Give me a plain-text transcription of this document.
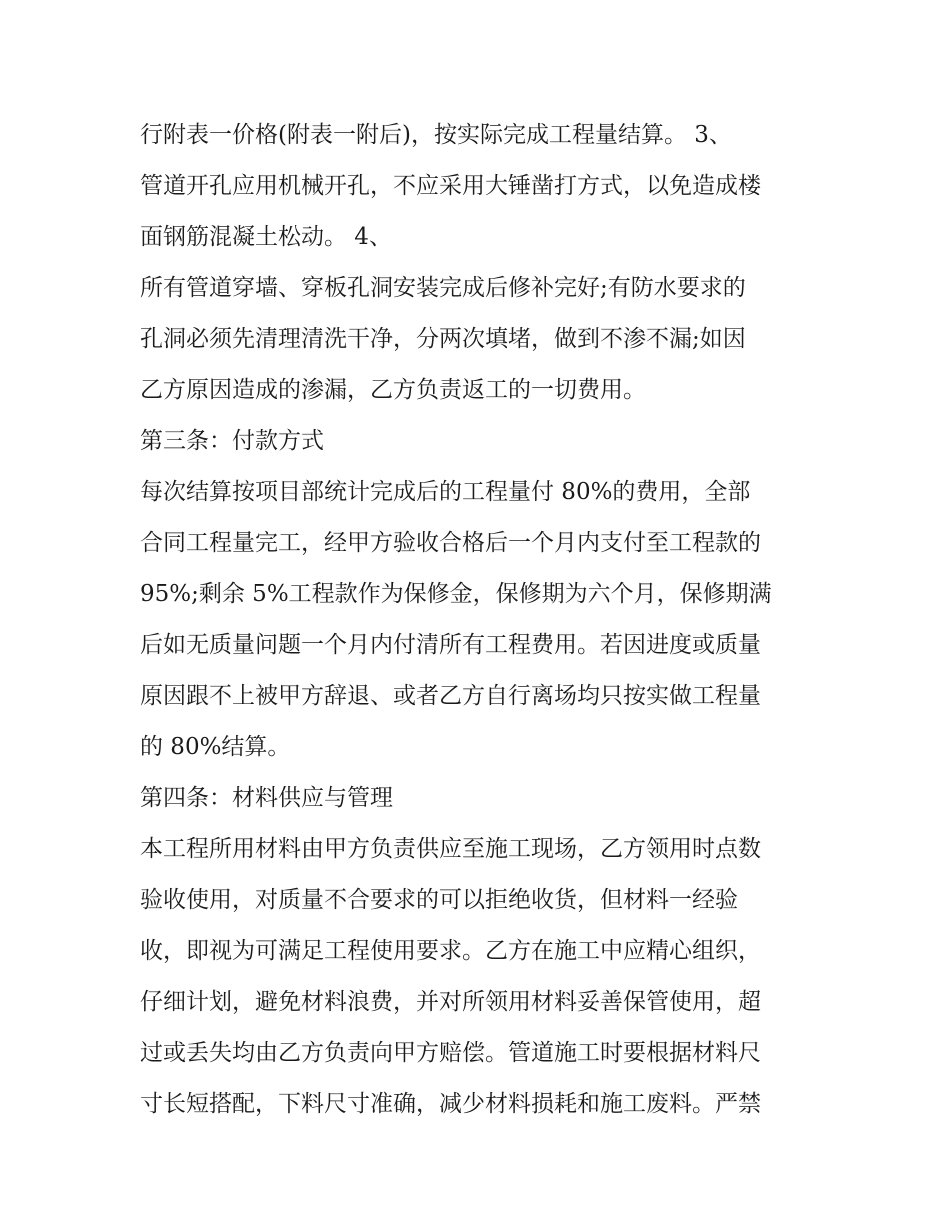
行附表一价格(附表一附后)，按实际完成工程量结算。 3、
管道开孔应用机械开孔，不应采用大锤凿打方式，以免造成楼
面钢筋混凝土松动。 4、
所有管道穿墙、穿板孔洞安装完成后修补完好;有防水要求的
孔洞必须先清理清洗干净，分两次填堵，做到不渗不漏;如因
乙方原因造成的渗漏，乙方负责返工的一切费用。
第三条：付款方式
每次结算按项目部统计完成后的工程量付 80%的费用，全部
合同工程量完工，经甲方验收合格后一个月内支付至工程款的
95%;剩余 5%工程款作为保修金，保修期为六个月，保修期满
后如无质量问题一个月内付清所有工程费用。若因进度或质量
原因跟不上被甲方辞退、或者乙方自行离场均只按实做工程量
的 80%结算。
第四条：材料供应与管理
本工程所用材料由甲方负责供应至施工现场，乙方领用时点数
验收使用，对质量不合要求的可以拒绝收货，但材料一经验
收，即视为可满足工程使用要求。乙方在施工中应精心组织，
仔细计划，避免材料浪费，并对所领用材料妥善保管使用，超
过或丢失均由乙方负责向甲方赔偿。管道施工时要根据材料尺
寸长短搭配，下料尺寸准确，减少材料损耗和施工废料。严禁
